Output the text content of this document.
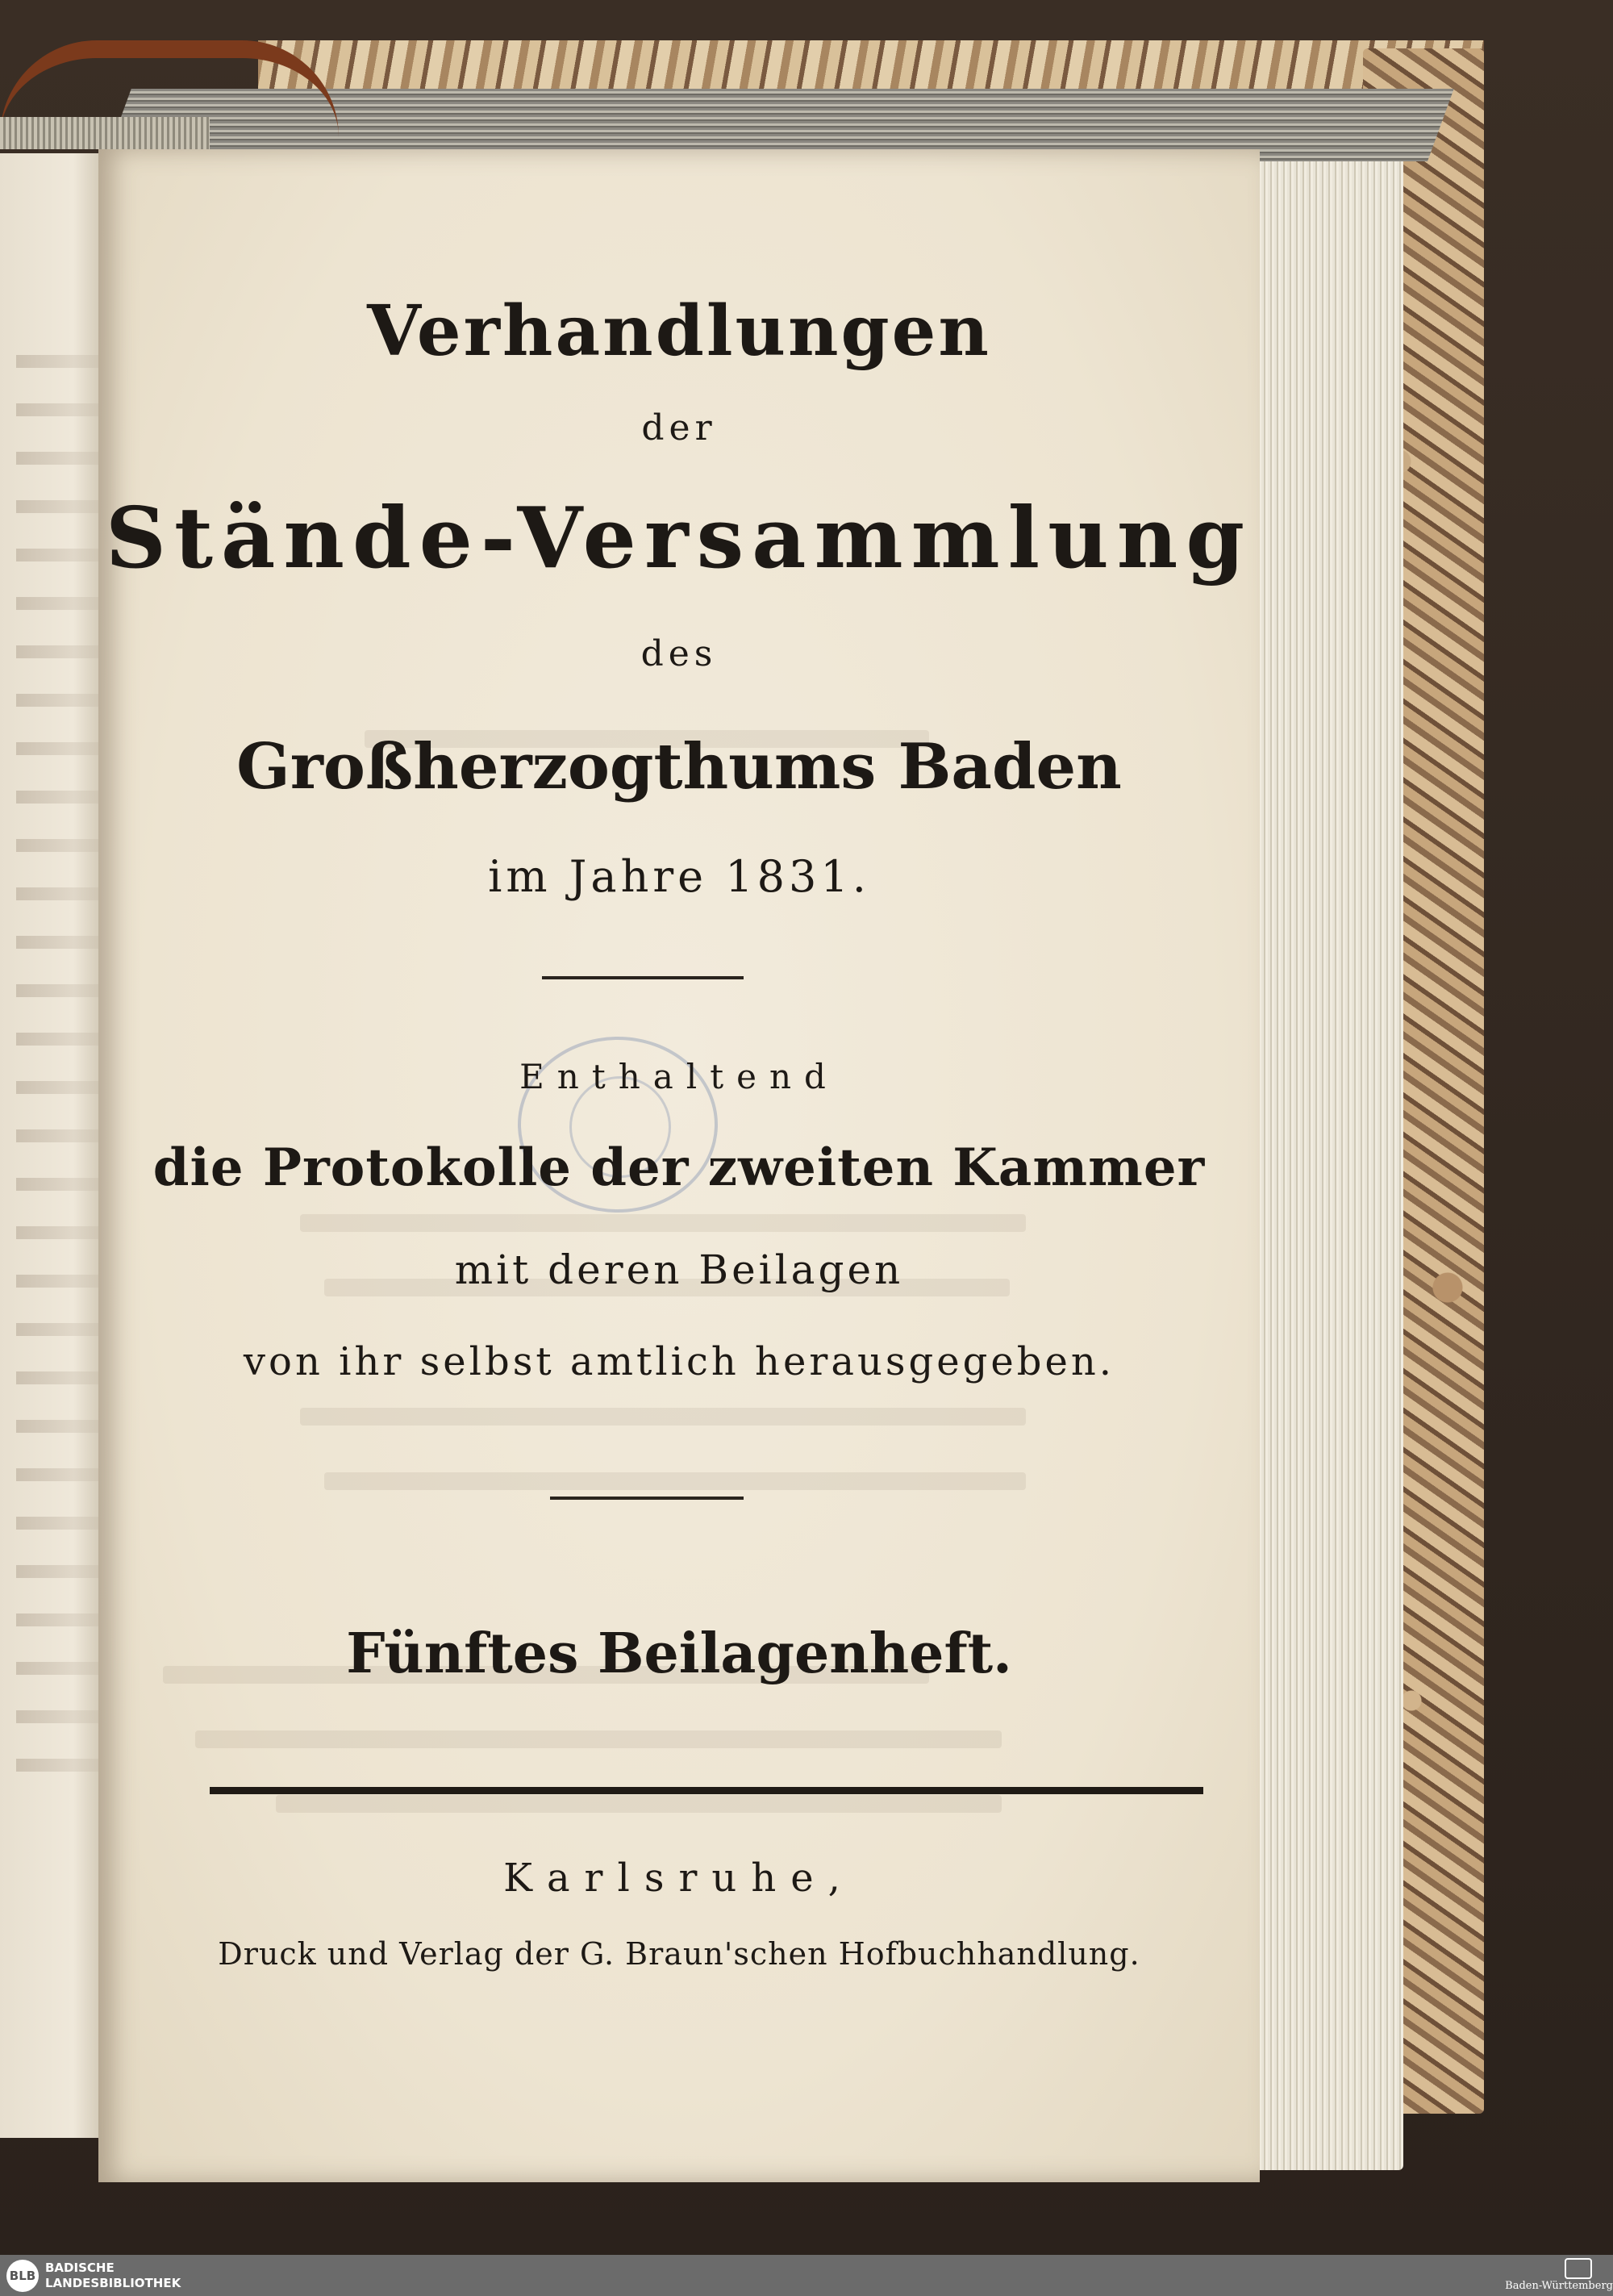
Verhandlungen
der
Stände-Versammlung
des
Großherzogthums Baden
im Jahre 1831.
Enthaltend
die Protokolle der zweiten Kammer
mit deren Beilagen
von ihr selbst amtlich herausgegeben.
Fünftes Beilagenheft.
Karlsruhe,
Druck und Verlag der G. Braun'schen Hofbuchhandlung.
BLB
BADISCHE
LANDESBIBLIOTHEK	Baden-Württemberg
